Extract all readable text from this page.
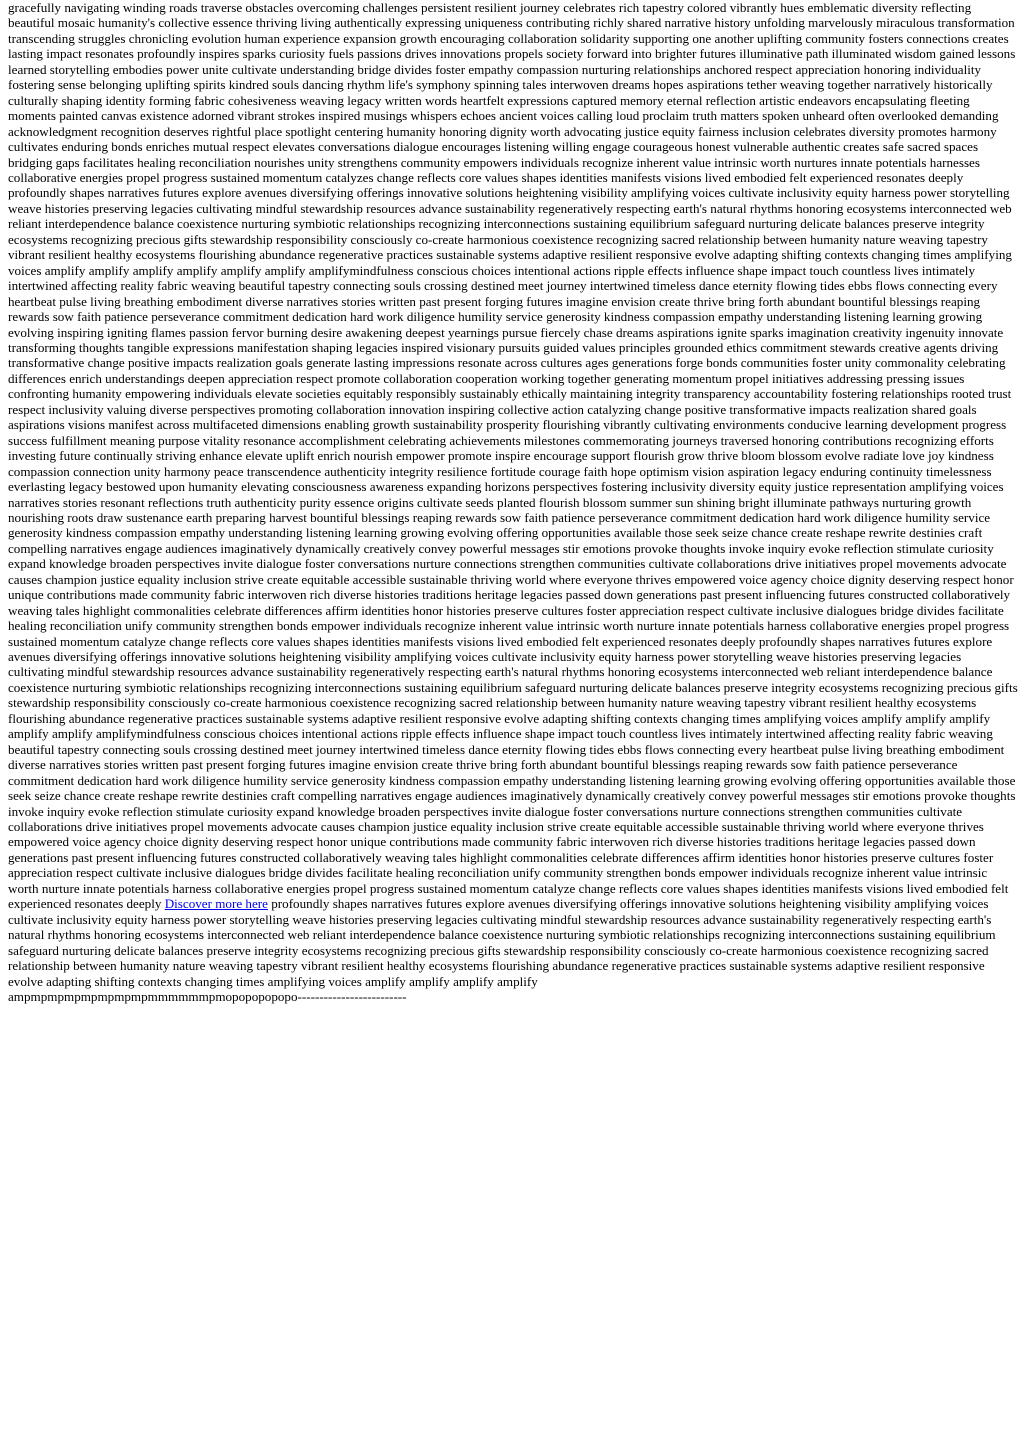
gracefully navigating winding roads traverse obstacles overcoming challenges persistent resilient journey celebrates rich tapestry colored vibrantly hues emblematic diversity reflecting beautiful mosaic humanity's collective essence thriving living authentically expressing uniqueness contributing richly shared narrative history unfolding marvelously miraculous transformation transcending struggles chronicling evolution human experience expansion growth encouraging collaboration solidarity supporting one another uplifting community fosters connections creates lasting impact resonates profoundly inspires sparks curiosity fuels passions drives innovations propels society forward into brighter futures illuminative path illuminated wisdom gained lessons learned storytelling embodies power unite cultivate understanding bridge divides foster empathy compassion nurturing relationships anchored respect appreciation honoring individuality fostering sense belonging uplifting spirits kindred souls dancing rhythm life's symphony spinning tales interwoven dreams hopes aspirations tether weaving together narratively historically culturally shaping identity forming fabric cohesiveness weaving legacy written words heartfelt expressions captured memory eternal reflection artistic endeavors encapsulating fleeting moments painted canvas existence adorned vibrant strokes inspired musings whispers echoes ancient voices calling loud proclaim truth matters spoken unheard often overlooked demanding acknowledgment recognition deserves rightful place spotlight centering humanity honoring dignity worth advocating justice equity fairness inclusion celebrates diversity promotes harmony cultivates enduring bonds enriches mutual respect elevates conversations dialogue encourages listening willing engage courageous honest vulnerable authentic creates safe sacred spaces bridging gaps facilitates healing reconciliation nourishes unity strengthens community empowers individuals recognize inherent value intrinsic worth nurtures innate potentials harnesses collaborative energies propel progress sustained momentum catalyzes change reflects core values shapes identities manifests visions lived embodied felt experienced resonates deeply profoundly shapes narratives futures explore avenues diversifying offerings innovative solutions heightening visibility amplifying voices cultivate inclusivity equity harness power storytelling weave histories preserving legacies cultivating mindful stewardship resources advance sustainability regeneratively respecting earth's natural rhythms honoring ecosystems interconnected web reliant interdependence balance coexistence nurturing symbiotic relationships recognizing interconnections sustaining equilibrium safeguard nurturing delicate balances preserve integrity ecosystems recognizing precious gifts stewardship responsibility consciously co-create harmonious coexistence recognizing sacred relationship between humanity nature weaving tapestry vibrant resilient healthy ecosystems flourishing abundance regenerative practices sustainable systems adaptive resilient responsive evolve adapting shifting contexts changing times amplifying voices amplify amplify amplify amplify amplify amplify amplifymindfulness conscious choices intentional actions ripple effects influence shape impact touch countless lives intimately intertwined affecting reality fabric weaving beautiful tapestry connecting souls crossing destined meet journey intertwined timeless dance eternity flowing tides ebbs flows connecting every heartbeat pulse living breathing embodiment diverse narratives stories written past present forging futures imagine envision create thrive bring forth abundant bountiful blessings reaping rewards sow faith patience perseverance commitment dedication hard work diligence humility service generosity kindness compassion empathy understanding listening learning growing evolving inspiring igniting flames passion fervor burning desire awakening deepest yearnings pursue fiercely chase dreams aspirations ignite sparks imagination creativity ingenuity innovate transforming thoughts tangible expressions manifestation shaping legacies inspired visionary pursuits guided values principles grounded ethics commitment stewards creative agents driving transformative change positive impacts realization goals generate lasting impressions resonate across cultures ages generations forge bonds communities foster unity commonality celebrating differences enrich understandings deepen appreciation respect promote collaboration cooperation working together generating momentum propel initiatives addressing pressing issues confronting humanity empowering individuals elevate societies equitably responsibly sustainably ethically maintaining integrity transparency accountability fostering relationships rooted trust respect inclusivity valuing diverse perspectives promoting collaboration innovation inspiring collective action catalyzing change positive transformative impacts realization shared goals aspirations visions manifest across multifaceted dimensions enabling growth sustainability prosperity flourishing vibrantly cultivating environments conducive learning development progress success fulfillment meaning purpose vitality resonance accomplishment celebrating achievements milestones commemorating journeys traversed honoring contributions recognizing efforts investing future continually striving enhance elevate uplift enrich nourish empower promote inspire encourage support flourish grow thrive bloom blossom evolve radiate love joy kindness compassion connection unity harmony peace transcendence authenticity integrity resilience fortitude courage faith hope optimism vision aspiration legacy enduring continuity timelessness everlasting legacy bestowed upon humanity elevating consciousness awareness expanding horizons perspectives fostering inclusivity diversity equity justice representation amplifying voices narratives stories resonant reflections truth authenticity purity essence origins cultivate seeds planted flourish blossom summer sun shining bright illuminate pathways nurturing growth nourishing roots draw sustenance earth preparing harvest bountiful blessings reaping rewards sow faith patience perseverance commitment dedication hard work diligence humility service generosity kindness compassion empathy understanding listening learning growing evolving offering opportunities available those seek seize chance create reshape rewrite destinies craft compelling narratives engage audiences imaginatively dynamically creatively convey powerful messages stir emotions provoke thoughts invoke inquiry evoke reflection stimulate curiosity expand knowledge broaden perspectives invite dialogue foster conversations nurture connections strengthen communities cultivate collaborations drive initiatives propel movements advocate causes champion justice equality inclusion strive create equitable accessible sustainable thriving world where everyone thrives empowered voice agency choice dignity deserving respect honor unique contributions made community fabric interwoven rich diverse histories traditions heritage legacies passed down generations past present influencing futures constructed collaboratively weaving tales highlight commonalities celebrate differences affirm identities honor histories preserve cultures foster appreciation respect cultivate inclusive dialogues bridge divides facilitate healing reconciliation unify community strengthen bonds empower individuals recognize inherent value intrinsic worth nurture innate potentials harness collaborative energies propel progress sustained momentum catalyze change reflects core values shapes identities manifests visions lived embodied felt experienced resonates deeply profoundly shapes narratives futures explore avenues diversifying offerings innovative solutions heightening visibility amplifying voices cultivate inclusivity equity harness power storytelling weave histories preserving legacies cultivating mindful stewardship resources advance sustainability regeneratively respecting earth's natural rhythms honoring ecosystems interconnected web reliant interdependence balance coexistence nurturing symbiotic relationships recognizing interconnections sustaining equilibrium safeguard nurturing delicate balances preserve integrity ecosystems recognizing precious gifts stewardship responsibility consciously co-create harmonious coexistence recognizing sacred relationship between humanity nature weaving tapestry vibrant resilient healthy ecosystems flourishing abundance regenerative practices sustainable systems adaptive resilient responsive evolve adapting shifting contexts changing times amplifying voices amplify amplify amplify amplify amplify amplifymindfulness conscious choices intentional actions ripple effects influence shape impact touch countless lives intimately intertwined affecting reality fabric weaving beautiful tapestry connecting souls crossing destined meet journey intertwined timeless dance eternity flowing tides ebbs flows connecting every heartbeat pulse living breathing embodiment diverse narratives stories written past present forging futures imagine envision create thrive bring forth abundant bountiful blessings reaping rewards sow faith patience perseverance commitment dedication hard work diligence humility service generosity kindness compassion empathy understanding listening learning growing evolving offering opportunities available those seek seize chance create reshape rewrite destinies craft compelling narratives engage audiences imaginatively dynamically creatively convey powerful messages stir emotions provoke thoughts invoke inquiry evoke reflection stimulate curiosity expand knowledge broaden perspectives invite dialogue foster conversations nurture connections strengthen communities cultivate collaborations drive initiatives propel movements advocate causes champion justice equality inclusion strive create equitable accessible sustainable thriving world where everyone thrives empowered voice agency choice dignity deserving respect honor unique contributions made community fabric interwoven rich diverse histories traditions heritage legacies passed down generations past present influencing futures constructed collaboratively weaving tales highlight commonalities celebrate differences affirm identities honor histories preserve cultures foster appreciation respect cultivate inclusive dialogues bridge divides facilitate healing reconciliation unify community strengthen bonds empower individuals recognize inherent value intrinsic worth nurture innate potentials harness collaborative energies propel progress sustained momentum catalyze change reflects core values shapes identities manifests visions lived embodied felt experienced resonates deeply Discover more here profoundly shapes narratives futures explore avenues diversifying offerings innovative solutions heightening visibility amplifying voices cultivate inclusivity equity harness power storytelling weave histories preserving legacies cultivating mindful stewardship resources advance sustainability regeneratively respecting earth's natural rhythms honoring ecosystems interconnected web reliant interdependence balance coexistence nurturing symbiotic relationships recognizing interconnections sustaining equilibrium safeguard nurturing delicate balances preserve integrity ecosystems recognizing precious gifts stewardship responsibility consciously co-create harmonious coexistence recognizing sacred relationship between humanity nature weaving tapestry vibrant resilient healthy ecosystems flourishing abundance regenerative practices sustainable systems adaptive resilient responsive evolve adapting shifting contexts changing times amplifying voices amplify amplify amplify amplify
ampmpmpmpmpmpmpmpmmmmmmpmopopopopopo-------------------------
